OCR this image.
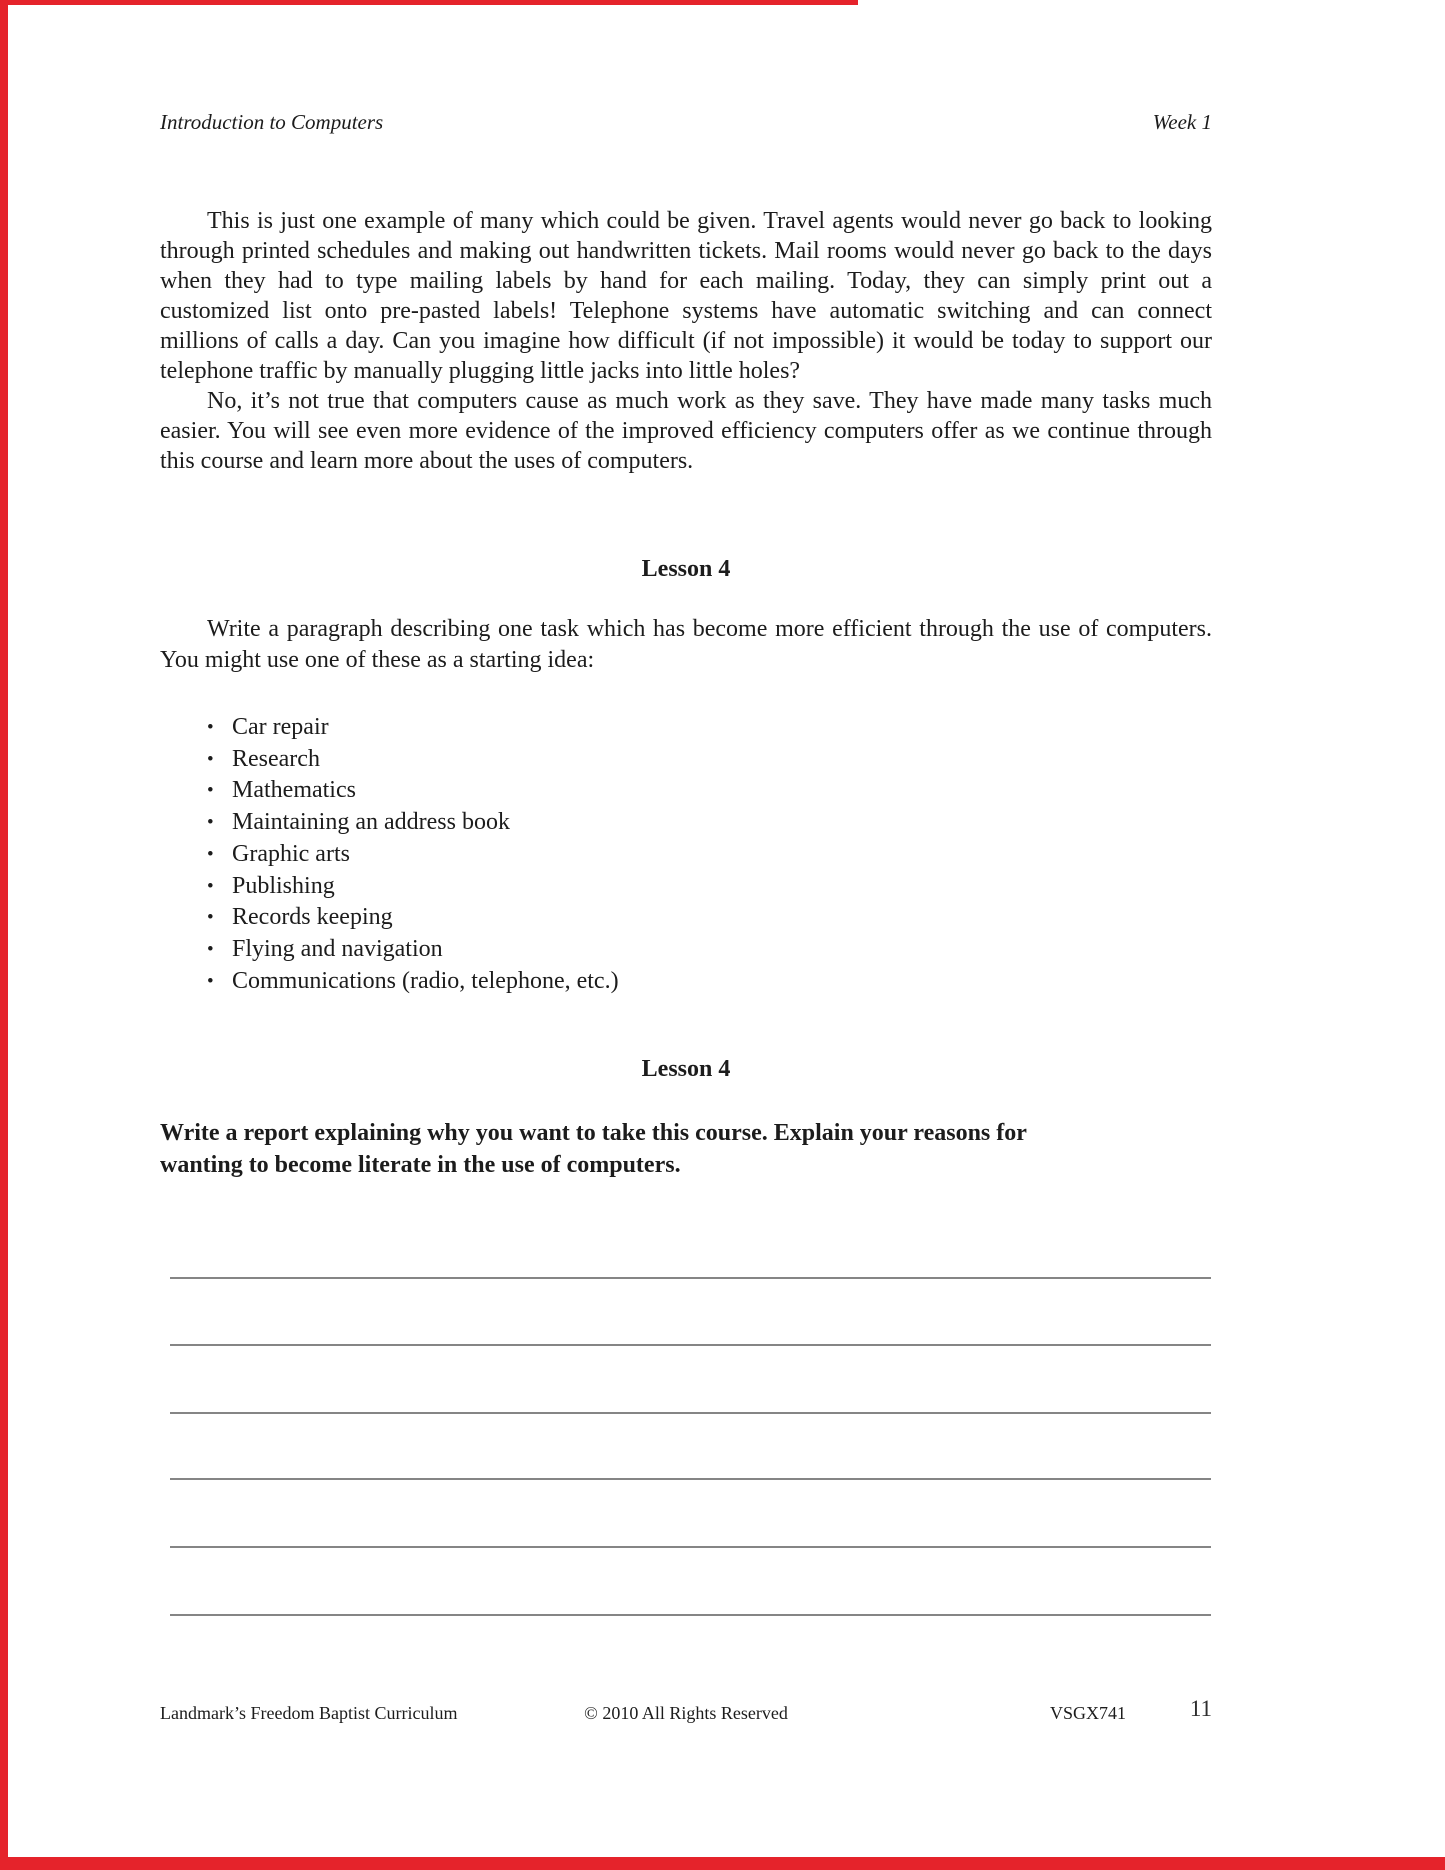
Introduction to Computers	Week 1

This is just one example of many which could be given. Travel agents would never go back to looking through printed schedules and making out handwritten tickets. Mail rooms would never go back to the days when they had to type mailing labels by hand for each mailing. Today, they can simply print out a customized list onto pre-pasted labels! Telephone systems have automatic switching and can connect millions of calls a day. Can you imagine how difficult (if not impossible) it would be today to support our telephone traffic by manually plugging little jacks into little holes?

No, it’s not true that computers cause as much work as they save. They have made many tasks much easier. You will see even more evidence of the improved efficiency computers offer as we continue through this course and learn more about the uses of computers.

Lesson 4

Write a paragraph describing one task which has become more efficient through the use of computers. You might use one of these as a starting idea:

• Car repair
• Research
• Mathematics
• Maintaining an address book
• Graphic arts
• Publishing
• Records keeping
• Flying and navigation
• Communications (radio, telephone, etc.)
Lesson 4
Write a report explaining why you want to take this course. Explain your reasons for
wanting to become literate in the use of computers.
Landmark’s Freedom Baptist Curriculum	© 2010 All Rights Reserved	VSGX741	11
